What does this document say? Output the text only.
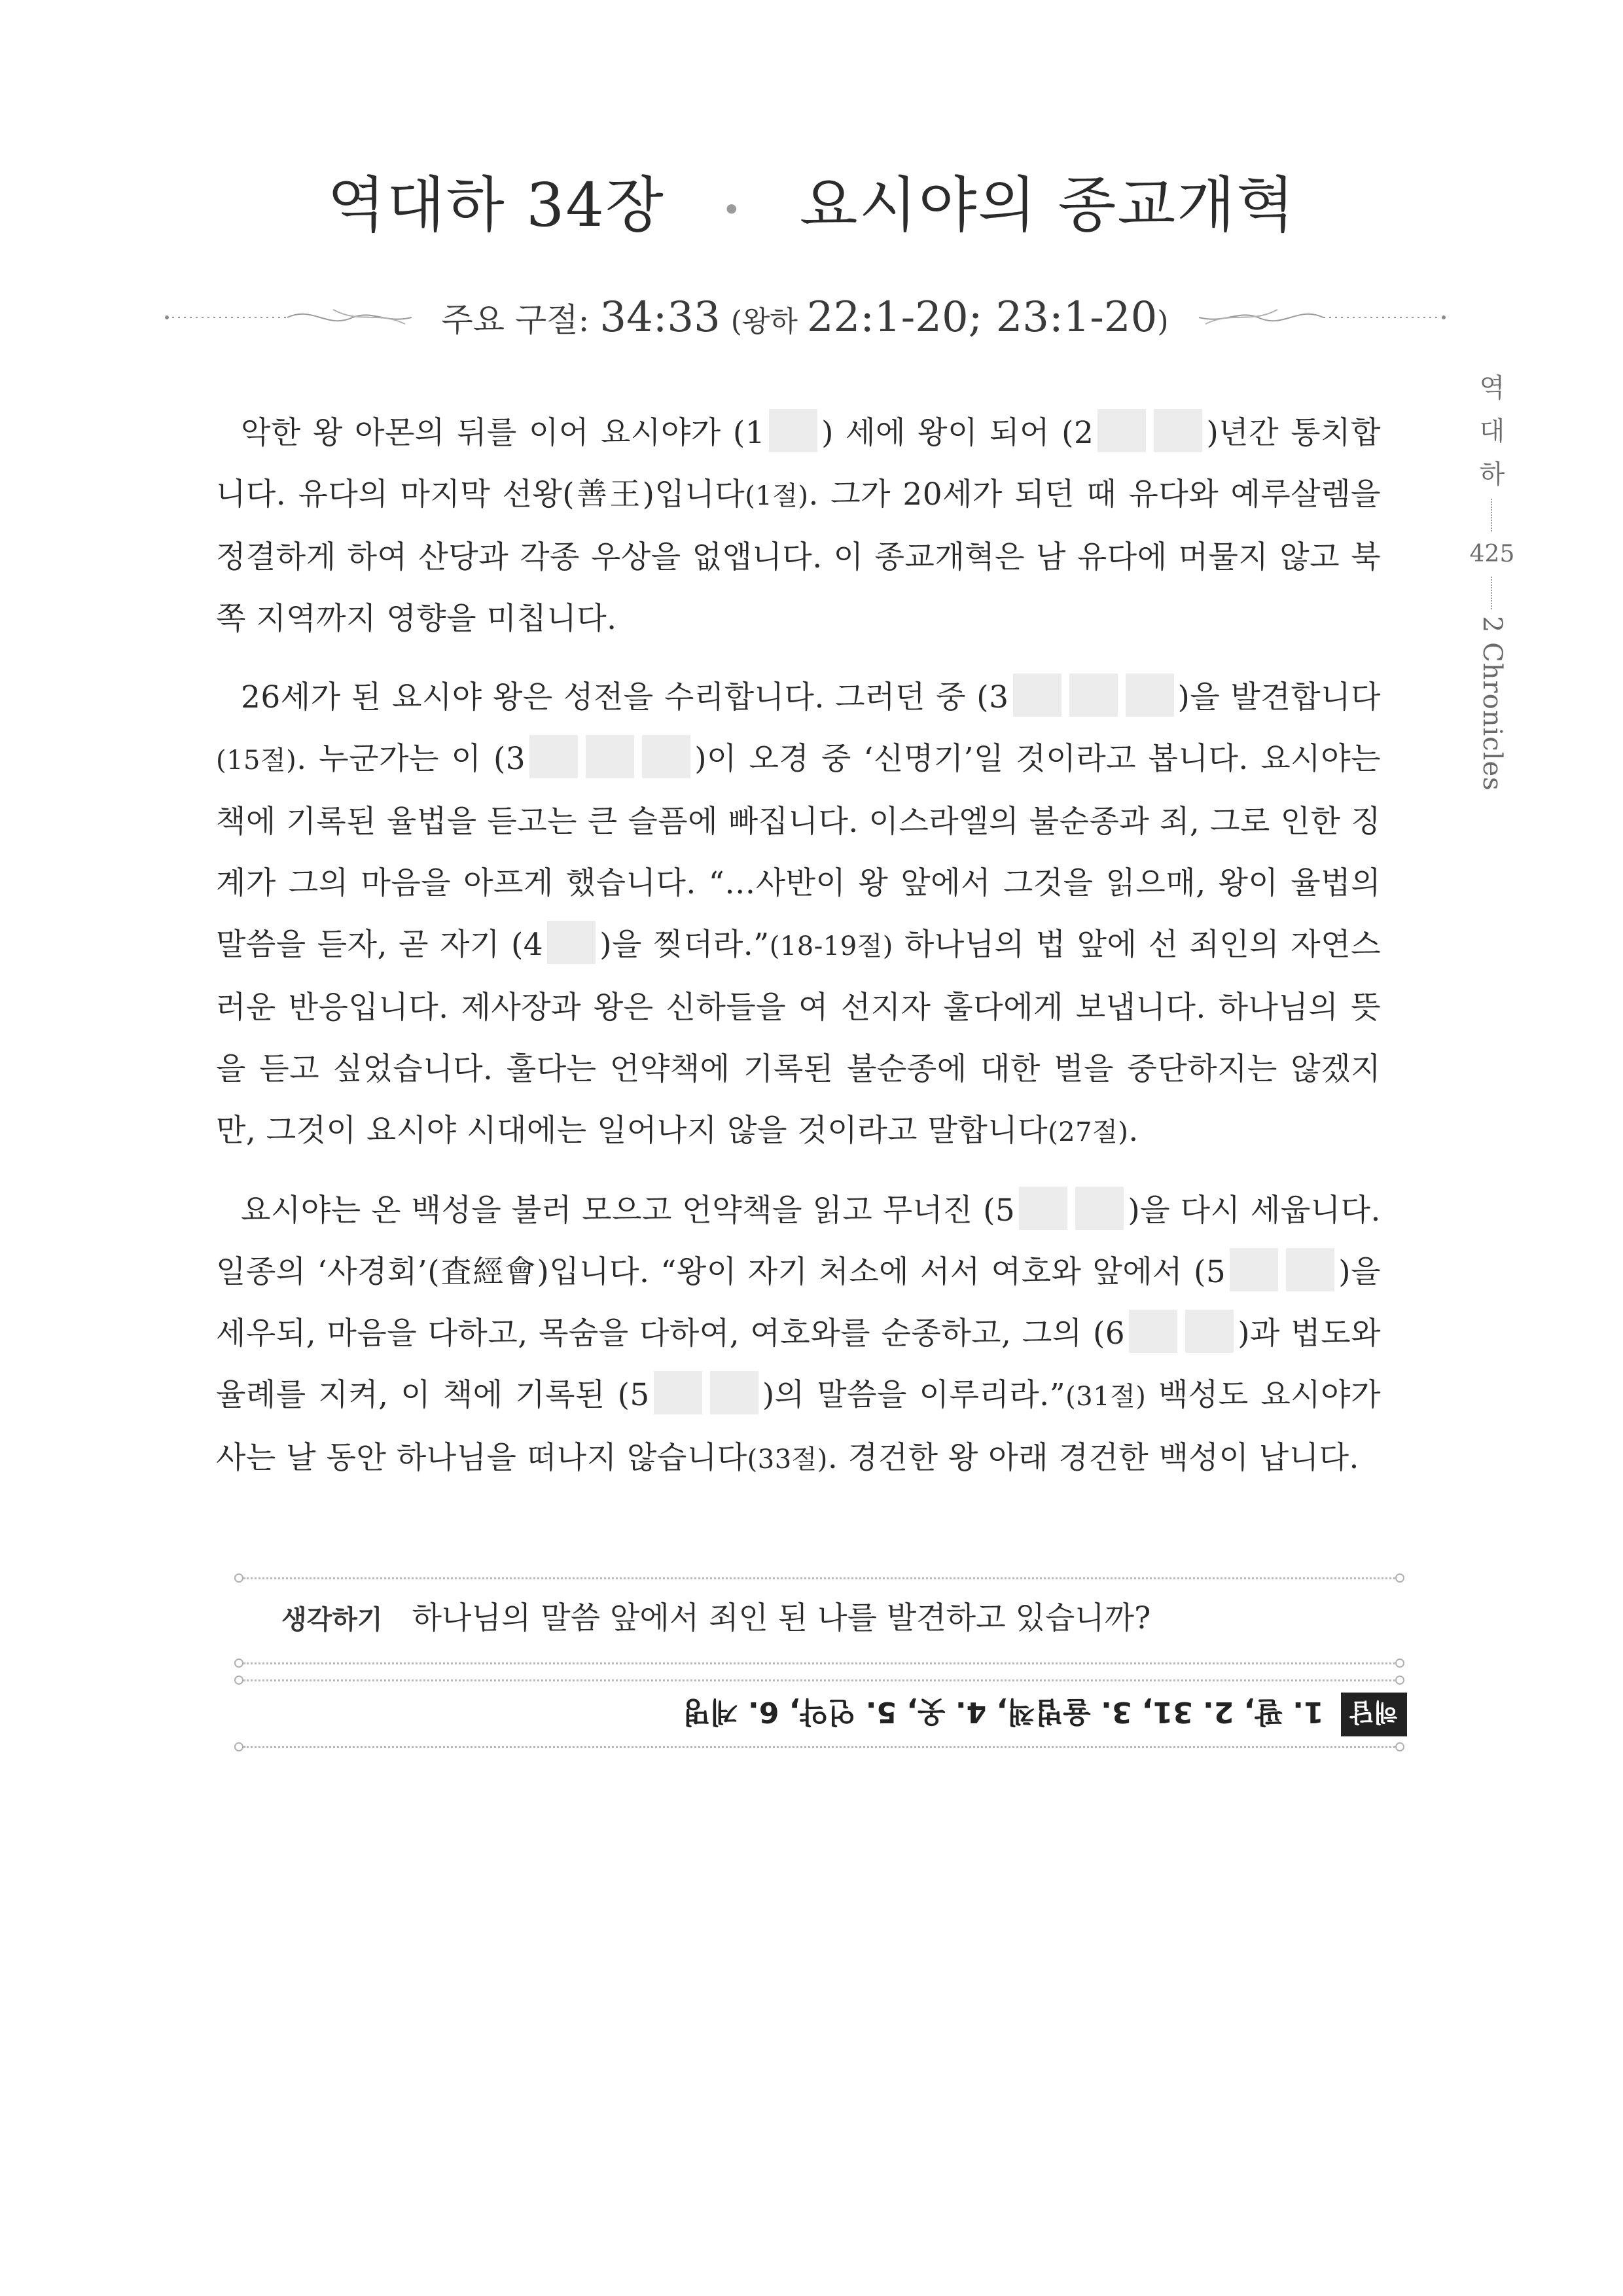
역대하 34장 • 요시야의 종교개혁
주요 구절: 34:33 (왕하 22:1-20; 23:1-20)
역
대
하
425
2 Chronicles

악한 왕 아몬의 뒤를 이어 요시야가 (1 ) 세에 왕이 되어 (2	)년간 통치합니다. 유다의 마지막 선왕(善王)입니다(1절). 그가 20세가 되던 때 유다와 예루살렘을 정결하게 하여 산당과 각종 우상을 없앱니다. 이 종교개혁은 남 유다에 머물지 않고 북쪽 지역까지 영향을 미칩니다.

26세가 된 요시야 왕은 성전을 수리합니다. 그러던 중 (3	)을 발견합니다 (15절). 누군가는 이 (3	)이 오경 중 ‘신명기’일 것이라고 봅니다. 요시야는 책에 기록된 율법을 듣고는 큰 슬픔에 빠집니다. 이스라엘의 불순종과 죄, 그로 인한 징계가 그의 마음을 아프게 했습니다. “…사반이 왕 앞에서 그것을 읽으매, 왕이 율법의 말씀을 듣자, 곧 자기 (4 )을 찢더라.”(18-19절) 하나님의 법 앞에 선 죄인의 자연스러운 반응입니다. 제사장과 왕은 신하들을 여 선지자 훌다에게 보냅니다. 하나님의 뜻을 듣고 싶었습니다. 훌다는 언약책에 기록된 불순종에 대한 벌을 중단하지는 않겠지만, 그것이 요시야 시대에는 일어나지 않을 것이라고 말합니다(27절).

요시야는 온 백성을 불러 모으고 언약책을 읽고 무너진 (5	)을 다시 세웁니다. 일종의 ‘사경회’(査經會)입니다. “왕이 자기 처소에 서서 여호와 앞에서 (5	)을 세우되, 마음을 다하고, 목숨을 다하여, 여호와를 순종하고, 그의 (6	)과 법도와 율례를 지켜, 이 책에 기록된 (5	)의 말씀을 이루리라.”(31절) 백성도 요시야가 사는 날 동안 하나님을 떠나지 않습니다(33절). 경건한 왕 아래 경건한 백성이 납니다.

생각하기 하나님의 말씀 앞에서 죄인 된 나를 발견하고 있습니까?
해답
1. 팔, 2. 31, 3. 율법책, 4. 옷, 5. 언약, 6. 계명
